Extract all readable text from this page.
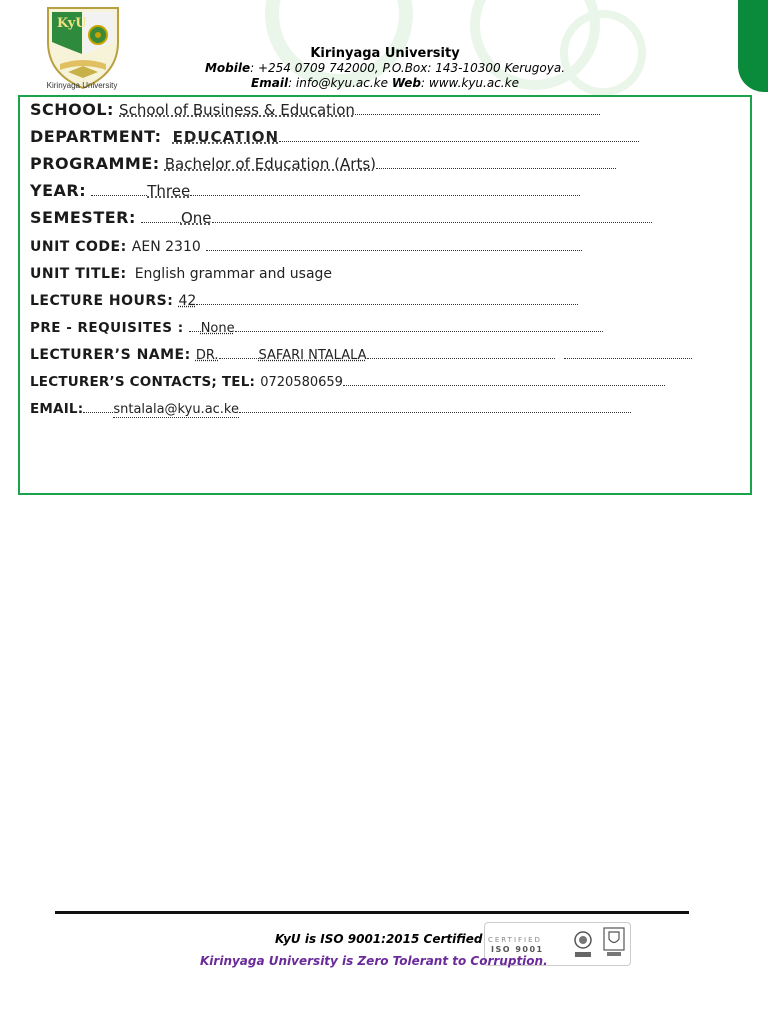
KyU
Kirinyaga University
Kirinyaga University
Mobile: +254 0709 742000, P.O.Box: 143-10300 Kerugoya.
Email: info@kyu.ac.ke Web: www.kyu.ac.ke
SCHOOL: School of Business & Education
DEPARTMENT: EDUCATION
PROGRAMME: Bachelor of Education (Arts)
YEAR:	Three
SEMESTER:	One
UNIT CODE: AEN 2310
UNIT TITLE: English grammar and usage
LECTURE HOURS: 42
PRE - REQUISITES : None
LECTURER’S NAME: DR.	SAFARI NTALALA
LECTURER’S CONTACTS; TEL: 0720580659
EMAIL: sntalala@kyu.ac.ke
CERTIFIED
ISO 9001
KyU is ISO 9001:2015 Certified
Kirinyaga University is Zero Tolerant to Corruption.
